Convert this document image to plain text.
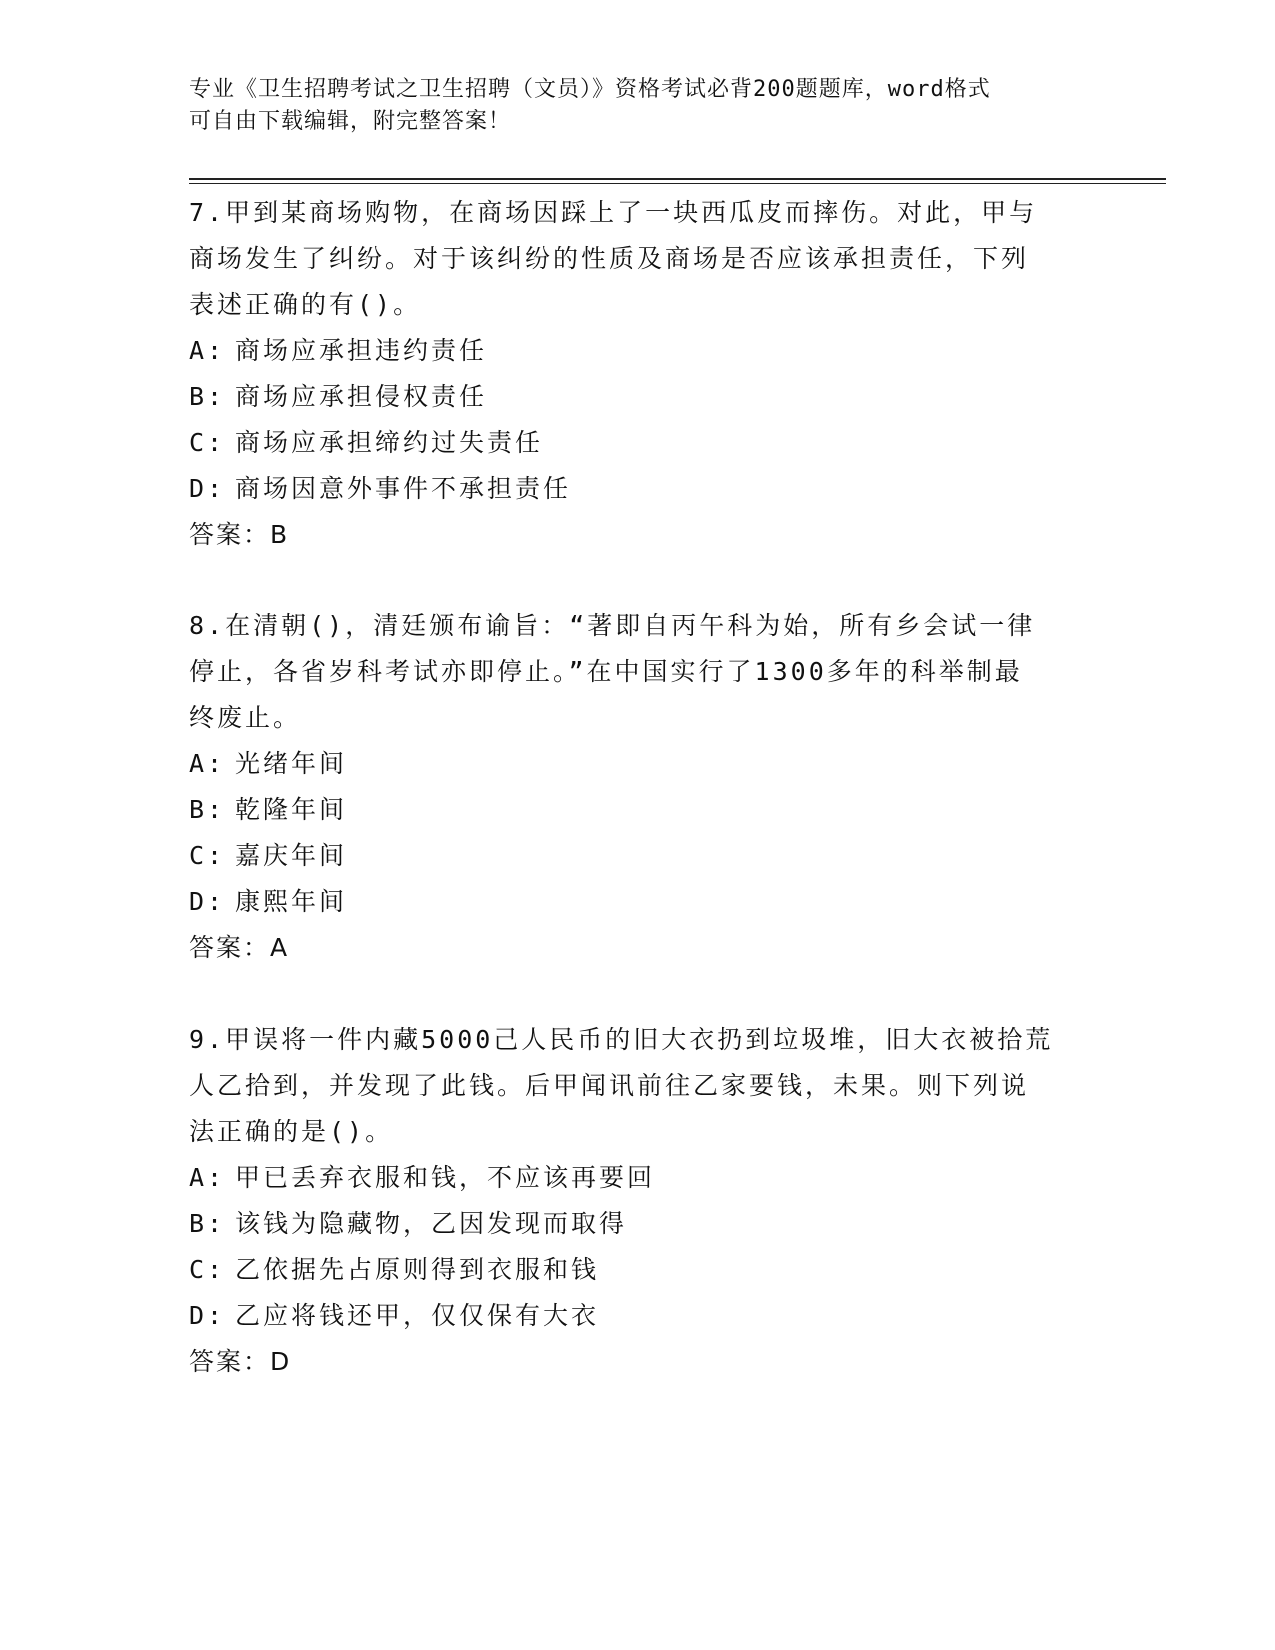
专业《卫生招聘考试之卫生招聘（文员）》资格考试必背200题题库，word格式
可自由下载编辑，附完整答案！
7.甲到某商场购物，在商场因踩上了一块西瓜皮而摔伤。对此，甲与
商场发生了纠纷。对于该纠纷的性质及商场是否应该承担责任，下列
表述正确的有()。
A: 商场应承担违约责任
B: 商场应承担侵权责任
C: 商场应承担缔约过失责任
D: 商场因意外事件不承担责任
答案：B
8.在清朝()，清廷颁布谕旨：“著即自丙午科为始，所有乡会试一律
停止，各省岁科考试亦即停止。”在中国实行了1300多年的科举制最
终废止。
A: 光绪年间
B: 乾隆年间
C: 嘉庆年间
D: 康熙年间
答案：A
9.甲误将一件内藏5000己人民币的旧大衣扔到垃圾堆，旧大衣被拾荒
人乙拾到，并发现了此钱。后甲闻讯前往乙家要钱，未果。则下列说
法正确的是()。
A: 甲已丢弃衣服和钱，不应该再要回
B: 该钱为隐藏物，乙因发现而取得
C: 乙依据先占原则得到衣服和钱
D: 乙应将钱还甲，仅仅保有大衣
答案：D
